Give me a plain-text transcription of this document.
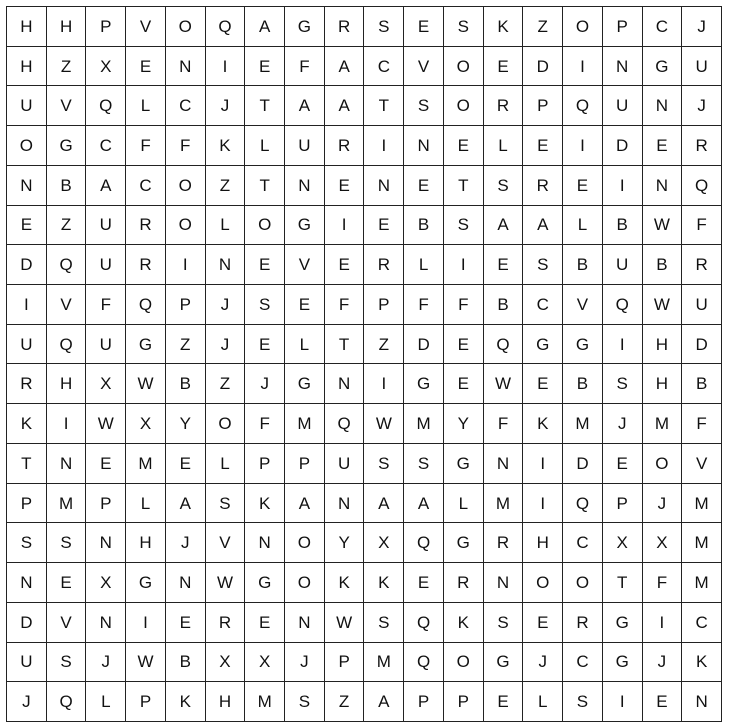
H	H	P	V	O	Q	A	G	R	S	E	S	K	Z	O	P	C	J
H	Z	X	E	N	I	E	F	A	C	V	O	E	D	I	N	G	U
U	V	Q	L	C	J	T	A	A	T	S	O	R	P	Q	U	N	J
O	G	C	F	F	K	L	U	R	I	N	E	L	E	I	D	E	R
N	B	A	C	O	Z	T	N	E	N	E	T	S	R	E	I	N	Q
E	Z	U	R	O	L	O	G	I	E	B	S	A	A	L	B	W	F
D	Q	U	R	I	N	E	V	E	R	L	I	E	S	B	U	B	R
I	V	F	Q	P	J	S	E	F	P	F	F	B	C	V	Q	W	U
U	Q	U	G	Z	J	E	L	T	Z	D	E	Q	G	G	I	H	D
R	H	X	W	B	Z	J	G	N	I	G	E	W	E	B	S	H	B
K	I	W	X	Y	O	F	M	Q	W	M	Y	F	K	M	J	M	F
T	N	E	M	E	L	P	P	U	S	S	G	N	I	D	E	O	V
P	M	P	L	A	S	K	A	N	A	A	L	M	I	Q	P	J	M
S	S	N	H	J	V	N	O	Y	X	Q	G	R	H	C	X	X	M
N	E	X	G	N	W	G	O	K	K	E	R	N	O	O	T	F	M
D	V	N	I	E	R	E	N	W	S	Q	K	S	E	R	G	I	C
U	S	J	W	B	X	X	J	P	M	Q	O	G	J	C	G	J	K
J	Q	L	P	K	H	M	S	Z	A	P	P	E	L	S	I	E	N
